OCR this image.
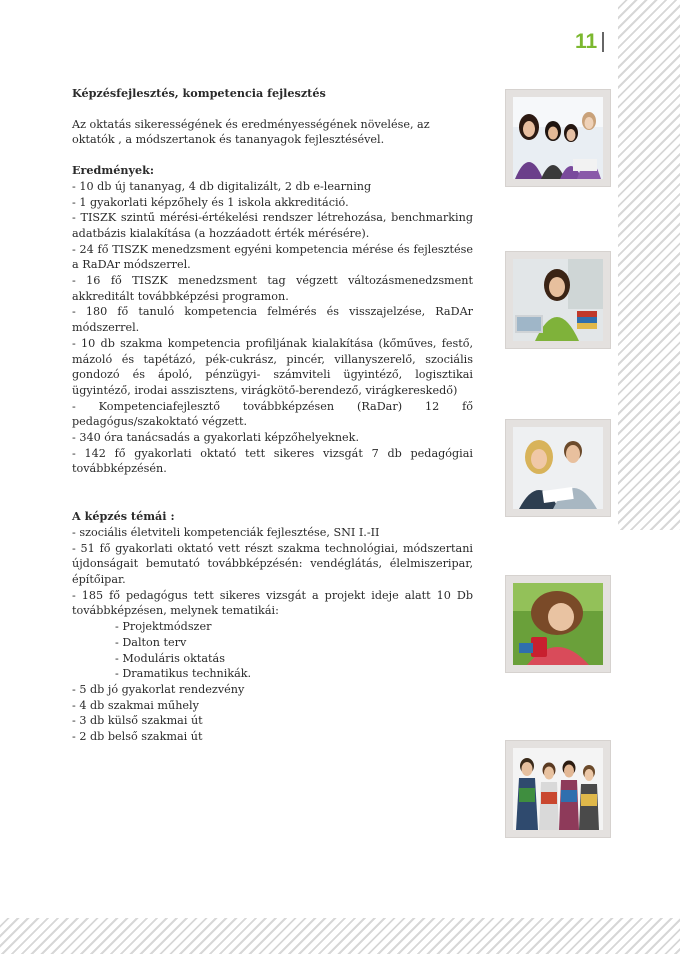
11

Képzésfejlesztés, kompetencia fejlesztés

Az oktatás sikerességének és eredményességének növelése, az oktatók , a módszertanok és tananyagok fejlesztésével.

Eredmények:

- 10 db új tananyag, 4 db digitalizált, 2 db e-learning

- 1 gyakorlati képzőhely és 1 iskola akkreditáció.

- TISZK szintű mérési-értékelési rendszer létrehozása, benchmarking adatbázis kialakítása (a hozzáadott érték mérésére).

- 24 fő TISZK menedzsment egyéni kompetencia mérése és fejlesztése a RaDAr módszerrel.

- 16 fő TISZK menedzsment tag végzett változásmenedzsment akkreditált továbbképzési programon.

- 180 fő tanuló kompetencia felmérés és visszajelzése, RaDAr módszerrel.

- 10 db szakma kompetencia profiljának kialakítása (kőműves, festő, mázoló és tapétázó, pék-cukrász, pincér, villanyszerelő, szociális gondozó és ápoló, pénzügyi- számviteli ügyintéző, logisztikai ügyintéző, irodai asszisztens, virágkötő-berendező, virágkereskedő)

- Kompetenciafejlesztő továbbképzésen (RaDar) 12 fő pedagógus/szakoktató végzett.

- 340 óra tanácsadás a gyakorlati képzőhelyeknek.

- 142 fő gyakorlati oktató tett sikeres vizsgát 7 db pedagógiai továbbképzésén.

A képzés témái :

- szociális életviteli kompetenciák fejlesztése, SNI I.-II

- 51 fő gyakorlati oktató vett részt szakma technológiai, módszertani újdonságait bemutató továbbképzésén: vendéglátás, élelmiszeripar, építőipar.

- 185 fő pedagógus tett sikeres vizsgát a projekt ideje alatt 10 Db továbbképzésen, melynek tematikái:

- Projektmódszer

- Dalton terv

- Moduláris oktatás

- Dramatikus technikák.

- 5 db jó gyakorlat rendezvény

- 4 db szakmai műhely

- 3 db külső szakmai út

- 2 db belső szakmai út
